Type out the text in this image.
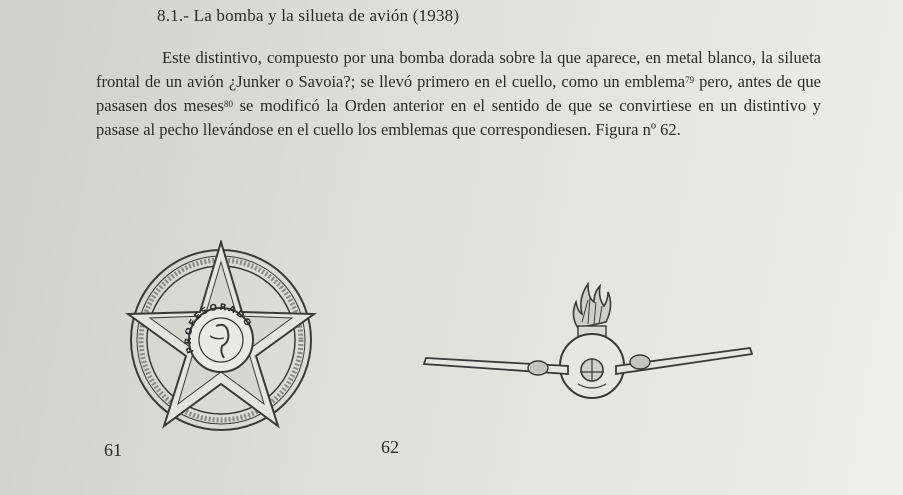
8.1.- La bomba y la silueta de avión (1938)
Este distintivo, compuesto por una bomba dorada sobre la que aparece, en metal blanco, la silueta frontal de un avión ¿Junker o Savoia?; se llevó primero en el cuello, como un emblema$^{79}$ pero, antes de que pasasen dos meses$^{80}$ se modificó la Orden anterior en el sentido de que se convirtiese en un distintivo y pasase al pecho llevándose en el cuello los emblemas que correspondiesen. Figura nº 62.
PROFESORADO
61	62
